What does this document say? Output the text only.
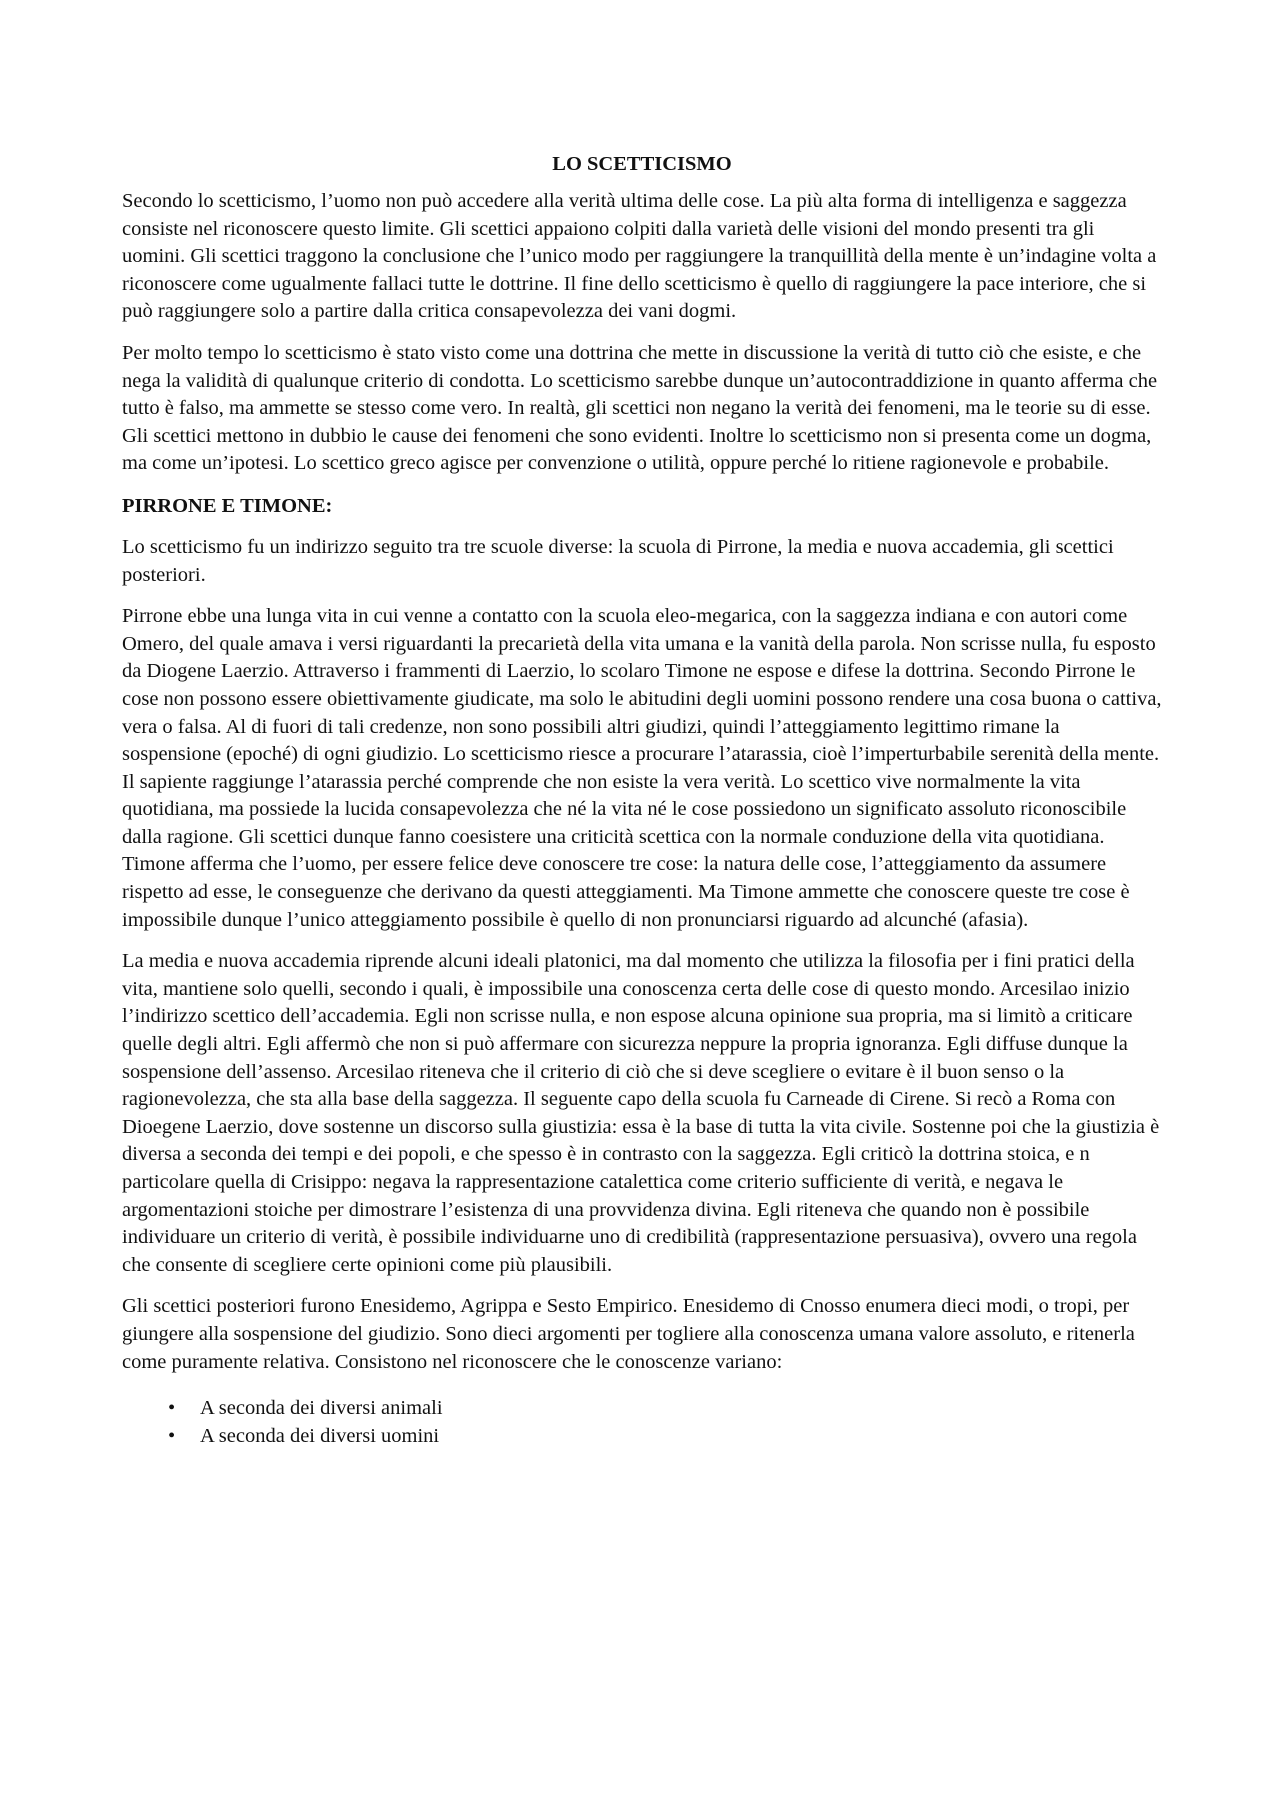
LO SCETTICISMO

Secondo lo scetticismo, l’uomo non può accedere alla verità ultima delle cose. La più alta forma di intelligenza e saggezza consiste nel riconoscere questo limite. Gli scettici appaiono colpiti dalla varietà delle visioni del mondo presenti tra gli uomini. Gli scettici traggono la conclusione che l’unico modo per raggiungere la tranquillità della mente è un’indagine volta a riconoscere come ugualmente fallaci tutte le dottrine. Il fine dello scetticismo è quello di raggiungere la pace interiore, che si può raggiungere solo a partire dalla critica consapevolezza dei vani dogmi.

Per molto tempo lo scetticismo è stato visto come una dottrina che mette in discussione la verità di tutto ciò che esiste, e che nega la validità di qualunque criterio di condotta. Lo scetticismo sarebbe dunque un’autocontraddizione in quanto afferma che tutto è falso, ma ammette se stesso come vero. In realtà, gli scettici non negano la verità dei fenomeni, ma le teorie su di esse. Gli scettici mettono in dubbio le cause dei fenomeni che sono evidenti. Inoltre lo scetticismo non si presenta come un dogma, ma come un’ipotesi. Lo scettico greco agisce per convenzione o utilità, oppure perché lo ritiene ragionevole e probabile.

PIRRONE E TIMONE:

Lo scetticismo fu un indirizzo seguito tra tre scuole diverse: la scuola di Pirrone, la media e nuova accademia, gli scettici posteriori.

Pirrone ebbe una lunga vita in cui venne a contatto con la scuola eleo-megarica, con la saggezza indiana e con autori come Omero, del quale amava i versi riguardanti la precarietà della vita umana e la vanità della parola. Non scrisse nulla, fu esposto da Diogene Laerzio. Attraverso i frammenti di Laerzio, lo scolaro Timone ne espose e difese la dottrina. Secondo Pirrone le cose non possono essere obiettivamente giudicate, ma solo le abitudini degli uomini possono rendere una cosa buona o cattiva, vera o falsa. Al di fuori di tali credenze, non sono possibili altri giudizi, quindi l’atteggiamento legittimo rimane la sospensione (epoché) di ogni giudizio. Lo scetticismo riesce a procurare l’atarassia, cioè l’imperturbabile serenità della mente. Il sapiente raggiunge l’atarassia perché comprende che non esiste la vera verità. Lo scettico vive normalmente la vita quotidiana, ma possiede la lucida consapevolezza che né la vita né le cose possiedono un significato assoluto riconoscibile dalla ragione. Gli scettici dunque fanno coesistere una criticità scettica con la normale conduzione della vita quotidiana. Timone afferma che l’uomo, per essere felice deve conoscere tre cose: la natura delle cose, l’atteggiamento da assumere rispetto ad esse, le conseguenze che derivano da questi atteggiamenti. Ma Timone ammette che conoscere queste tre cose è impossibile dunque l’unico atteggiamento possibile è quello di non pronunciarsi riguardo ad alcunché (afasia).

La media e nuova accademia riprende alcuni ideali platonici, ma dal momento che utilizza la filosofia per i fini pratici della vita, mantiene solo quelli, secondo i quali, è impossibile una conoscenza certa delle cose di questo mondo. Arcesilao inizio l’indirizzo scettico dell’accademia. Egli non scrisse nulla, e non espose alcuna opinione sua propria, ma si limitò a criticare quelle degli altri. Egli affermò che non si può affermare con sicurezza neppure la propria ignoranza. Egli diffuse dunque la sospensione dell’assenso. Arcesilao riteneva che il criterio di ciò che si deve scegliere o evitare è il buon senso o la ragionevolezza, che sta alla base della saggezza. Il seguente capo della scuola fu Carneade di Cirene. Si recò a Roma con Dioegene Laerzio, dove sostenne un discorso sulla giustizia: essa è la base di tutta la vita civile. Sostenne poi che la giustizia è diversa a seconda dei tempi e dei popoli, e che spesso è in contrasto con la saggezza. Egli criticò la dottrina stoica, e n particolare quella di Crisippo: negava la rappresentazione catalettica come criterio sufficiente di verità, e negava le argomentazioni stoiche per dimostrare l’esistenza di una provvidenza divina. Egli riteneva che quando non è possibile individuare un criterio di verità, è possibile individuarne uno di credibilità (rappresentazione persuasiva), ovvero una regola che consente di scegliere certe opinioni come più plausibili.

Gli scettici posteriori furono Enesidemo, Agrippa e Sesto Empirico. Enesidemo di Cnosso enumera dieci modi, o tropi, per giungere alla sospensione del giudizio. Sono dieci argomenti per togliere alla conoscenza umana valore assoluto, e ritenerla come puramente relativa. Consistono nel riconoscere che le conoscenze variano:

• A seconda dei diversi animali
• A seconda dei diversi uomini
